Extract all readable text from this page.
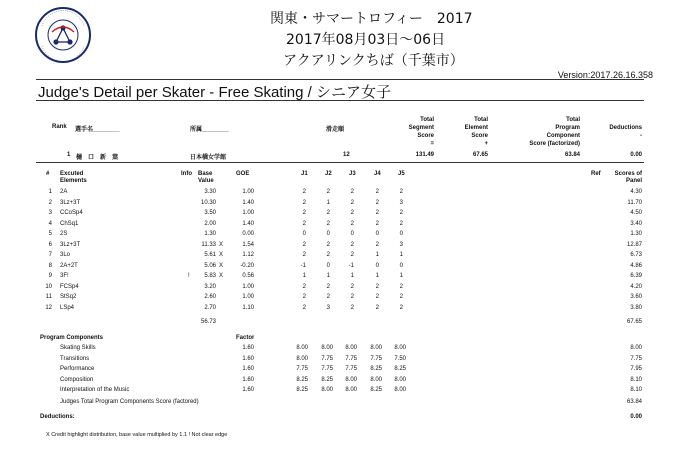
関東・サマートロフィー　2017
2017年08月03日～06日
アクアリンクちば（千葉市）
Version:2017.26.16.358
Judge's Detail per Skater - Free Skating / シニア女子
Rank 選手名________	所属________	滑走順
Total
Segment
Score
=
Total
Element
Score
+
Total
Program
Component
Score (factorized)
Deductions
-
1 樋　口　新　葉	日本橋女学館	12	131.49	67.65	63.84	0.00
# Excuted
Elements
Info Base
Value
GOE	J1	J2	J3	J4	J5	Ref	Scores of
Panel
1 2A	3.30	1.00	2	2	2	2	2	4.30
2 3Lz+3T	10.30	1.40	2	1	2	2	3	11.70
3 CCoSp4	3.50	1.00	2	2	2	2	2	4.50
4 ChSq1	2.00	1.40	2	2	2	2	2	3.40
5 2S	1.30	0.00	0	0	0	0	0	1.30
6 3Lz+3T	11.33 X	1.54	2	2	2	2	3	12.87
7 3Lo	5.61 X	1.12	2	2	2	1	1	6.73
8 2A+2T	5.06 X	-0.20	-1	0	-1	0	0	4.86
9 3F!	!	5.83 X	0.56	1	1	1	1	1	6.39
10 FCSp4	3.20	1.00	2	2	2	2	2	4.20
11 StSq2	2.60	1.00	2	2	2	2	2	3.60
12 LSp4	2.70	1.10	2	3	2	2	2	3.80
56.73	67.65
Program Components	Factor
Skating Skills	1.60	8.00	8.00	8.00	8.00	8.00	8.00
Transitions	1.60	8.00	7.75	7.75	7.75	7.50	7.75
Performance	1.60	7.75	7.75	7.75	8.25	8.25	7.95
Composition	1.60	8.25	8.25	8.00	8.00	8.00	8.10
Interpretation of the Music	1.60	8.25	8.00	8.00	8.25	8.00	8.10
Judges Total Program Components Score (factored)	63.84
Deductions:	0.00
X Credit highlight distribution, base value multiplied by 1.1 ! Not clear edge
